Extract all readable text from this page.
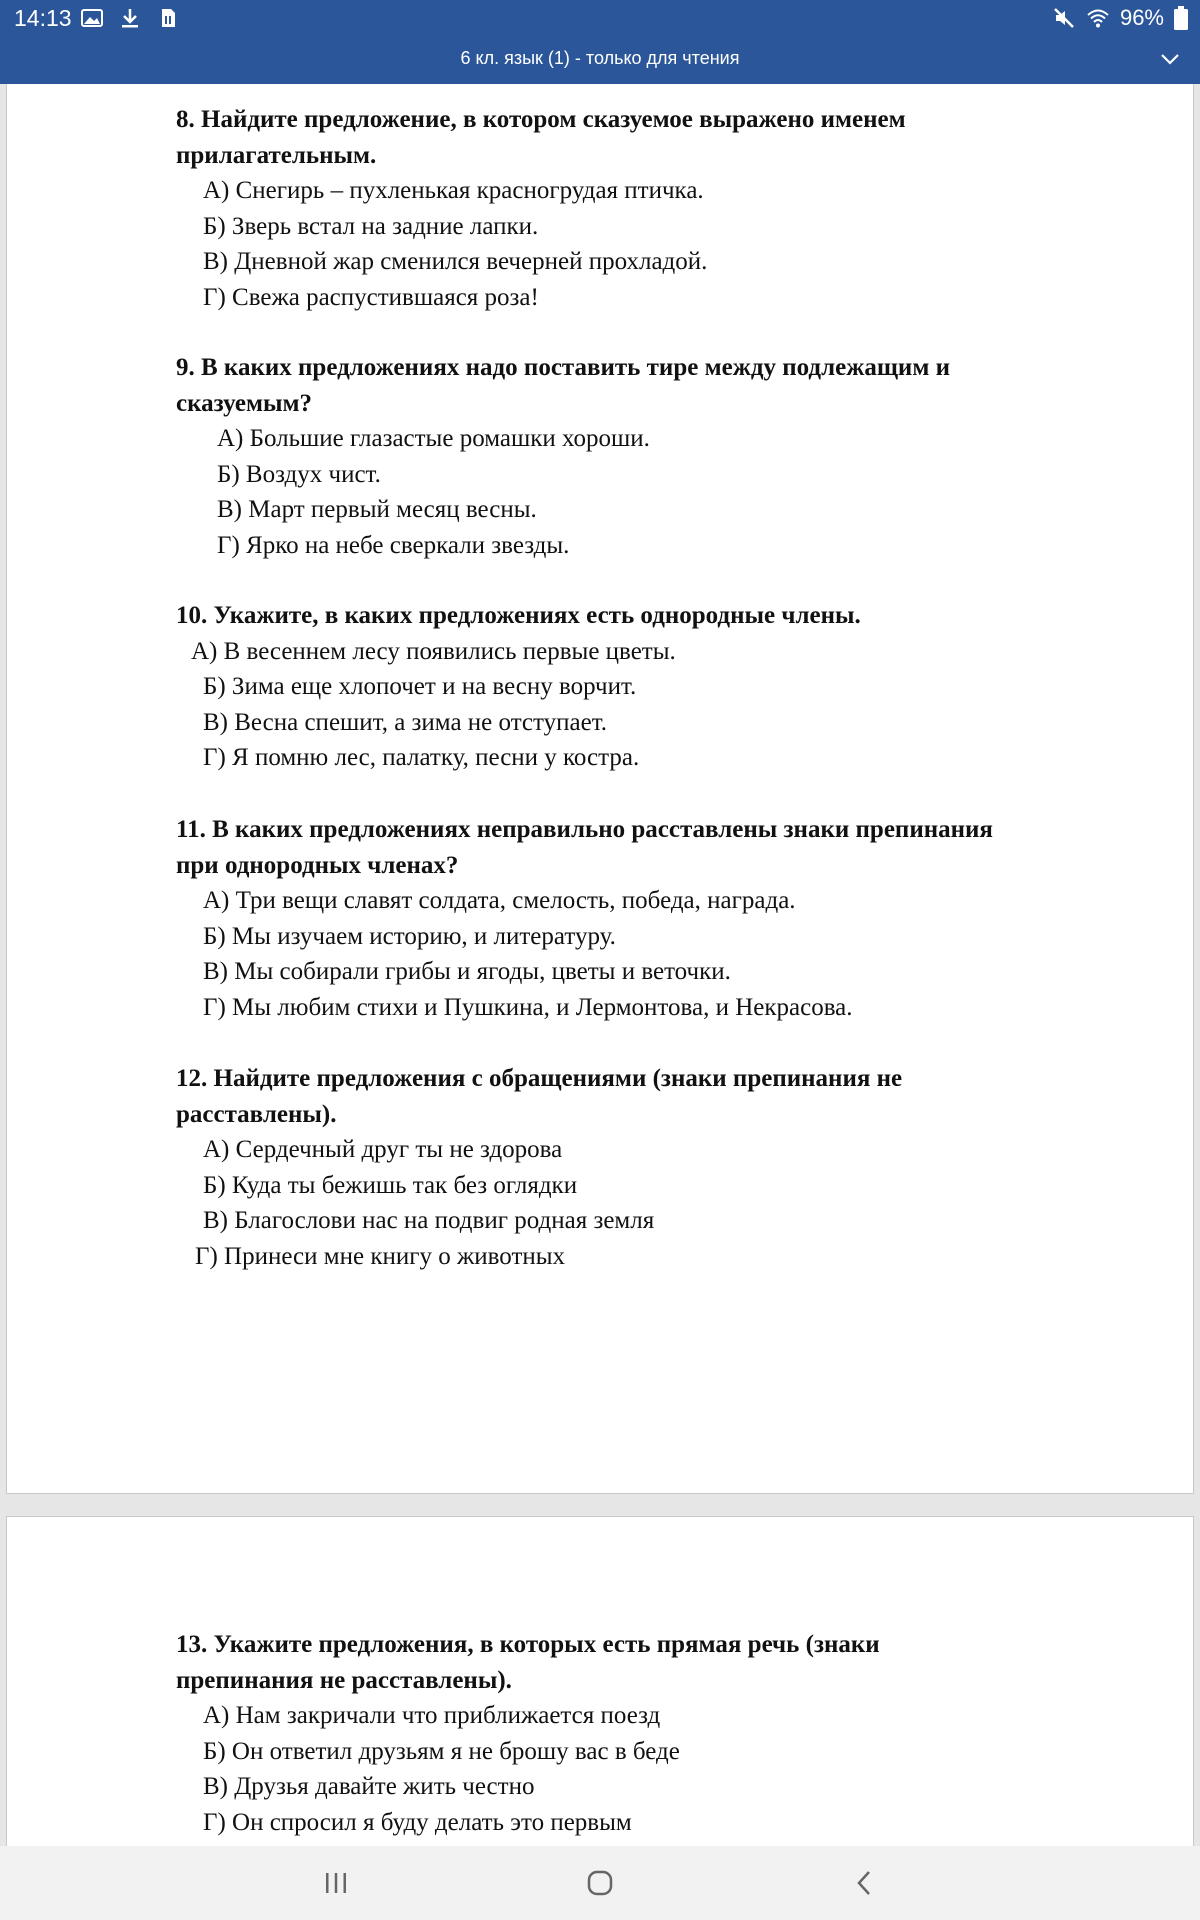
14:13	96%
6 кл. язык (1) - только для чтения
8. Найдите предложение, в котором сказуемое выражено именем
прилагательным.
А) Снегирь – пухленькая красногрудая птичка.
Б) Зверь встал на задние лапки.
В) Дневной жар сменился вечерней прохладой.
Г) Свежа распустившаяся роза!
9. В каких предложениях надо поставить тире между подлежащим и
сказуемым?
А) Большие глазастые ромашки хороши.
Б) Воздух чист.
В) Март первый месяц весны.
Г) Ярко на небе сверкали звезды.
10. Укажите, в каких предложениях есть однородные члены.
А) В весеннем лесу появились первые цветы.
Б) Зима еще хлопочет и на весну ворчит.
В) Весна спешит, а зима не отступает.
Г) Я помню лес, палатку, песни у костра.
11. В каких предложениях неправильно расставлены знаки препинания
при однородных членах?
А) Три вещи славят солдата, смелость, победа, награда.
Б) Мы изучаем историю, и литературу.
В) Мы собирали грибы и ягоды, цветы и веточки.
Г) Мы любим стихи и Пушкина, и Лермонтова, и Некрасова.
12. Найдите предложения с обращениями (знаки препинания не
расставлены).
А) Сердечный друг ты не здорова
Б) Куда ты бежишь так без оглядки
В) Благослови нас на подвиг родная земля
Г) Принеси мне книгу о животных
13. Укажите предложения, в которых есть прямая речь (знаки
препинания не расставлены).
А) Нам закричали что приближается поезд
Б) Он ответил друзьям я не брошу вас в беде
В) Друзья давайте жить честно
Г) Он спросил я буду делать это первым
